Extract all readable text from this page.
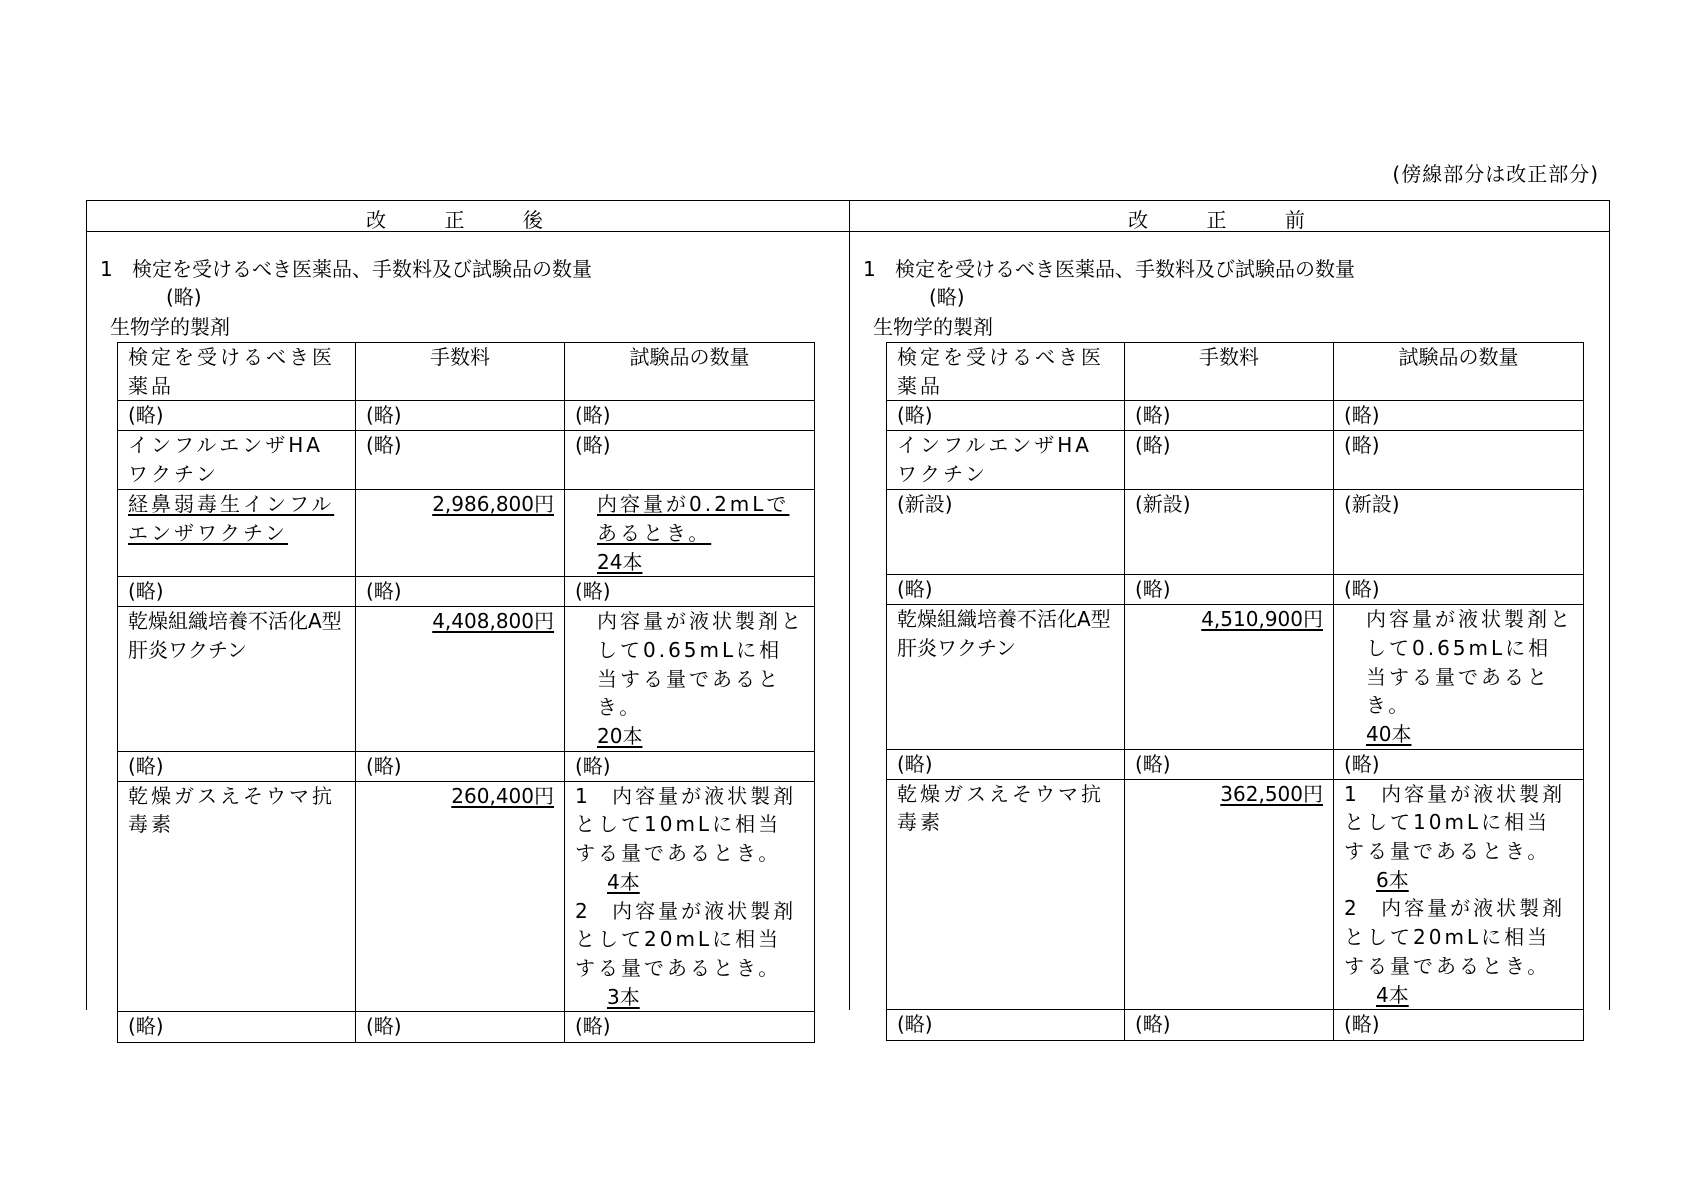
(傍線部分は改正部分)
改 正 後	改 正 前
1 検定を受けるべき医薬品、手数料及び試験品の数量
(略)
生物学的製剤
検定を受けるべき医薬品	手数料	試験品の数量
(略)	(略)	(略)
インフルエンザHAワクチン	(略)	(略)
経鼻弱毒生インフルエンザワクチン	2,986,800円	内容量が0.2mLであるとき。
24本

(略)	(略)	(略)
乾燥組織培養不活化A型肝炎ワクチン	4,408,800円	内容量が液状製剤として0.65mLに相当する量であるとき。
20本

(略)	(略)	(略)
乾燥ガスえそウマ抗毒素	260,400円	1 内容量が液状製剤として10mLに相当する量であるとき。
4本
2 内容量が液状製剤として20mLに相当する量であるとき。
3本

(略)	(略)	(略)
1 検定を受けるべき医薬品、手数料及び試験品の数量
(略)
生物学的製剤
検定を受けるべき医薬品	手数料	試験品の数量
(略)	(略)	(略)
インフルエンザHAワクチン	(略)	(略)
(新設)	(新設)	(新設)
(略)	(略)	(略)
乾燥組織培養不活化A型肝炎ワクチン	4,510,900円	内容量が液状製剤として0.65mLに相当する量であるとき。
40本

(略)	(略)	(略)
乾燥ガスえそウマ抗毒素	362,500円	1 内容量が液状製剤として10mLに相当する量であるとき。
6本
2 内容量が液状製剤として20mLに相当する量であるとき。
4本

(略)	(略)	(略)
